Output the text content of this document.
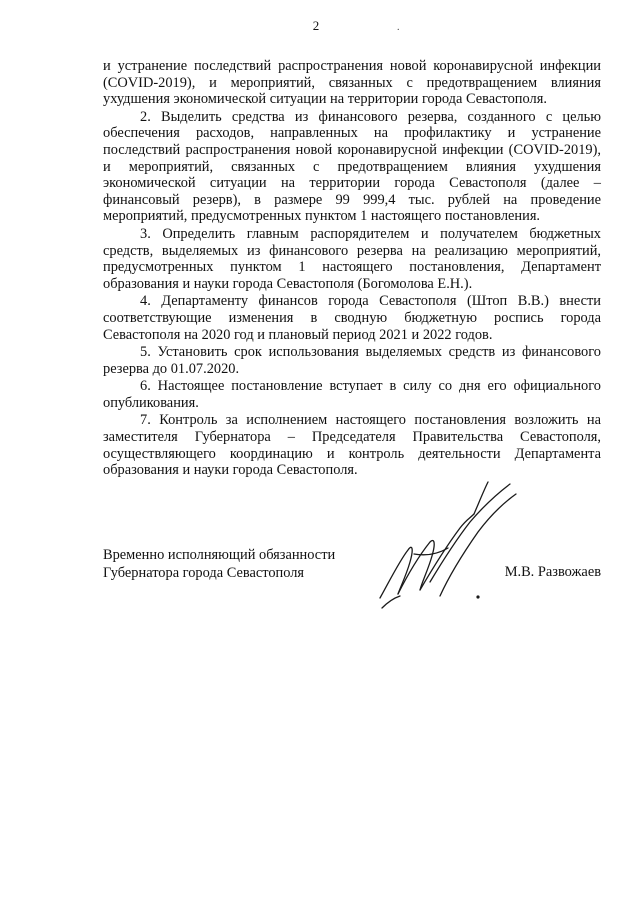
2	.

и устранение последствий распространения новой коронавирусной инфекции (COVID-2019), и мероприятий, связанных с предотвращением влияния ухудшения экономической ситуации на территории города Севастополя.

2. Выделить средства из финансового резерва, созданного с целью обеспечения расходов, направленных на профилактику и устранение последствий распространения новой коронавирусной инфекции (COVID-2019), и мероприятий, связанных с предотвращением влияния ухудшения экономической ситуации на территории города Севастополя (далее – финансовый резерв), в размере 99 999,4 тыс. рублей на проведение мероприятий, предусмотренных пунктом 1 настоящего постановления.

3. Определить главным распорядителем и получателем бюджетных средств, выделяемых из финансового резерва на реализацию мероприятий, предусмотренных пунктом 1 настоящего постановления, Департамент образования и науки города Севастополя (Богомолова Е.Н.).

4. Департаменту финансов города Севастополя (Штоп В.В.) внести соответствующие изменения в сводную бюджетную роспись города Севастополя на 2020 год и плановый период 2021 и 2022 годов.

5. Установить срок использования выделяемых средств из финансового резерва до 01.07.2020.

6. Настоящее постановление вступает в силу со дня его официального опубликования.

7. Контроль за исполнением настоящего постановления возложить на заместителя Губернатора – Председателя Правительства Севастополя, осуществляющего координацию и контроль деятельности Департамента образования и науки города Севастополя.

Временно исполняющий обязанности
Губернатора города Севастополя	М.В. Развожаев
